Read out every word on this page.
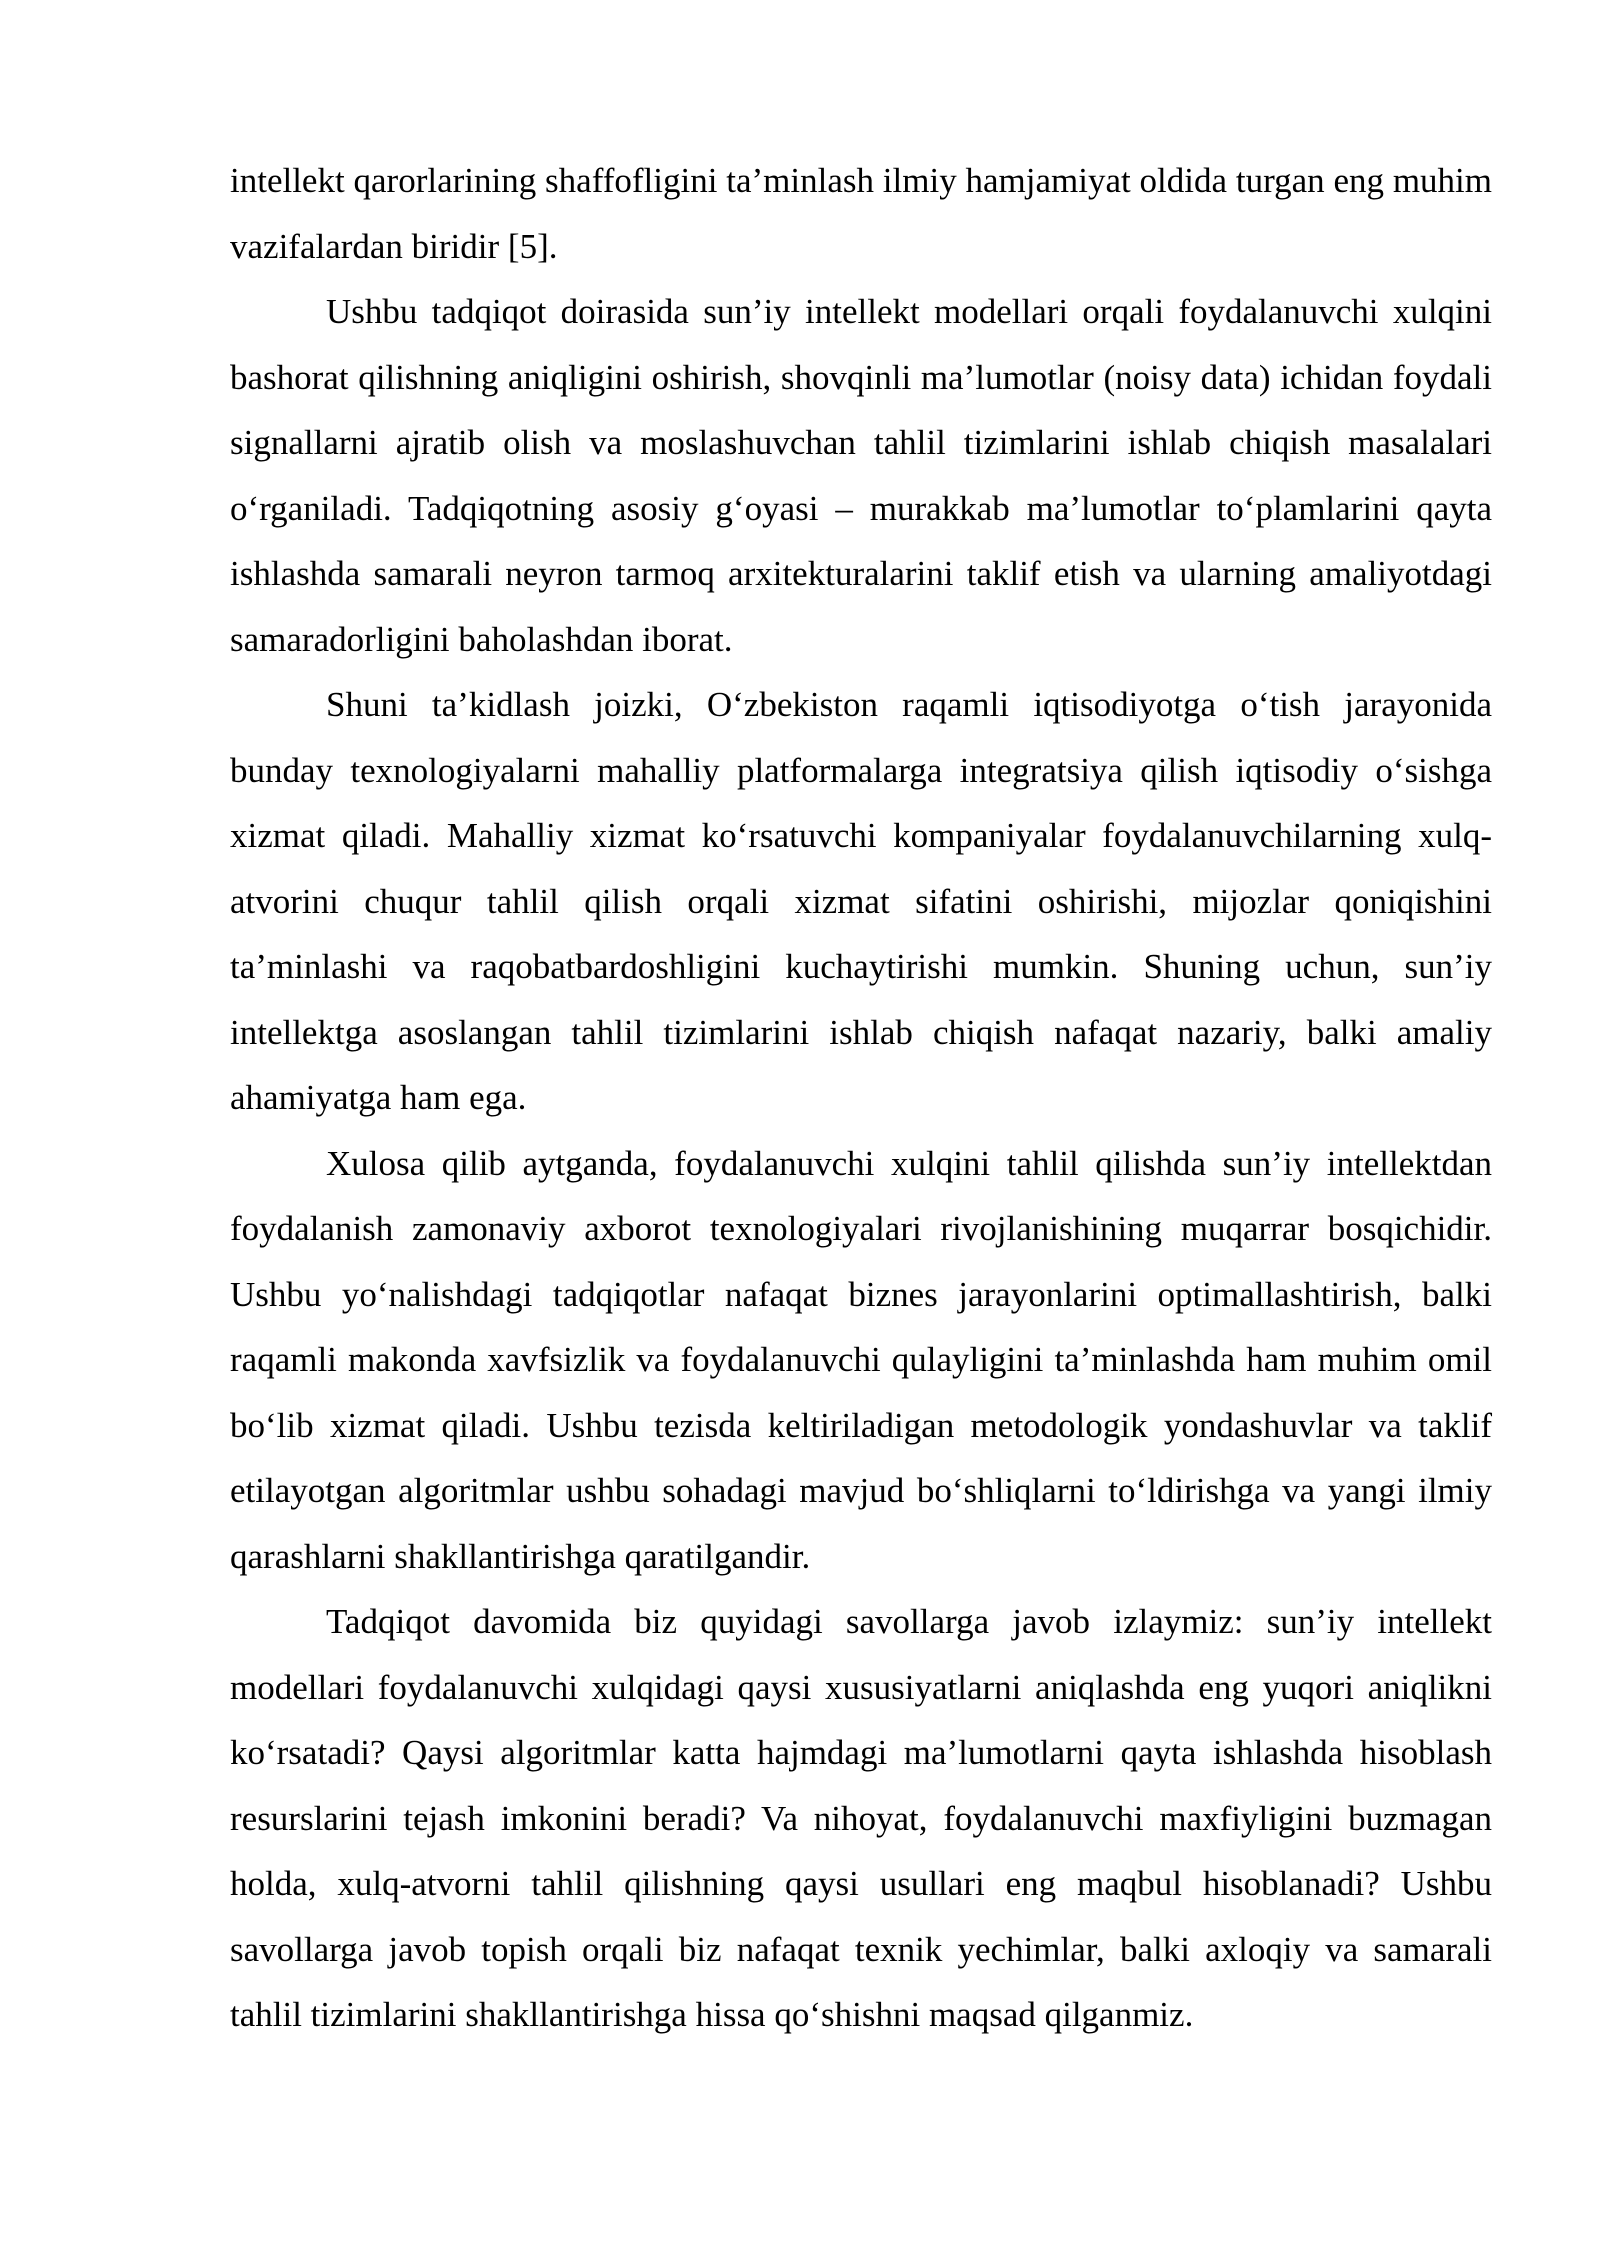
intellekt qarorlarining shaffofligini ta’minlash ilmiy hamjamiyat oldida turgan eng muhim vazifalardan biridir [5].

Ushbu tadqiqot doirasida sun’iy intellekt modellari orqali foydalanuvchi xulqini bashorat qilishning aniqligini oshirish, shovqinli ma’lumotlar (noisy data) ichidan foydali signallarni ajratib olish va moslashuvchan tahlil tizimlarini ishlab chiqish masalalari o‘rganiladi. Tadqiqotning asosiy g‘oyasi – murakkab ma’lumotlar to‘plamlarini qayta ishlashda samarali neyron tarmoq arxitekturalarini taklif etish va ularning amaliyotdagi samaradorligini baholashdan iborat.

Shuni ta’kidlash joizki, O‘zbekiston raqamli iqtisodiyotga o‘tish jarayonida bunday texnologiyalarni mahalliy platformalarga integratsiya qilish iqtisodiy o‘sishga xizmat qiladi. Mahalliy xizmat ko‘rsatuvchi kompaniyalar foydalanuvchilarning xulq-atvorini chuqur tahlil qilish orqali xizmat sifatini oshirishi, mijozlar qoniqishini ta’minlashi va raqobatbardoshligini kuchaytirishi mumkin. Shuning uchun, sun’iy intellektga asoslangan tahlil tizimlarini ishlab chiqish nafaqat nazariy, balki amaliy ahamiyatga ham ega.

Xulosa qilib aytganda, foydalanuvchi xulqini tahlil qilishda sun’iy intellektdan foydalanish zamonaviy axborot texnologiyalari rivojlanishining muqarrar bosqichidir. Ushbu yo‘nalishdagi tadqiqotlar nafaqat biznes jarayonlarini optimallashtirish, balki raqamli makonda xavfsizlik va foydalanuvchi qulayligini ta’minlashda ham muhim omil bo‘lib xizmat qiladi. Ushbu tezisda keltiriladigan metodologik yondashuvlar va taklif etilayotgan algoritmlar ushbu sohadagi mavjud bo‘shliqlarni to‘ldirishga va yangi ilmiy qarashlarni shakllantirishga qaratilgandir.

Tadqiqot davomida biz quyidagi savollarga javob izlaymiz: sun’iy intellekt modellari foydalanuvchi xulqidagi qaysi xususiyatlarni aniqlashda eng yuqori aniqlikni ko‘rsatadi? Qaysi algoritmlar katta hajmdagi ma’lumotlarni qayta ishlashda hisoblash resurslarini tejash imkonini beradi? Va nihoyat, foydalanuvchi maxfiyligini buzmagan holda, xulq-atvorni tahlil qilishning qaysi usullari eng maqbul hisoblanadi? Ushbu savollarga javob topish orqali biz nafaqat texnik yechimlar, balki axloqiy va samarali tahlil tizimlarini shakllantirishga hissa qo‘shishni maqsad qilganmiz.
